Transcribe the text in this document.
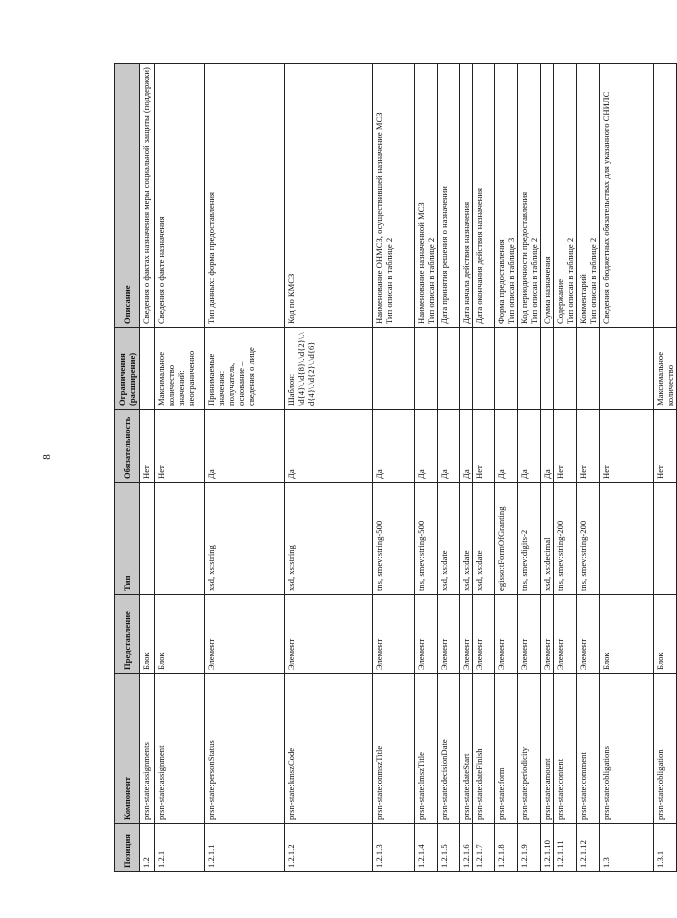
8
Позиция	Компонент	Представление	Тип	Обязательность	Ограничения (расширение)	Описание
1.2	prsn-state:assignments	Блок		Нет		Сведения о фактах назначения меры социальной защиты (поддержки)

1.2.1	prsn-state:assignment	Блок		Нет	Максимальное количество значений: неограниченно	Сведения о факте назначения

1.2.1.1	prsn-state:personStatus	Элемент	xsd, xs:string	Да	Принимаемые значения: получатель, основание – сведения о лице	Тип данных: форма предоставления

1.2.1.2	prsn-state:kmszCode	Элемент	xsd, xs:string	Да	Шаблон: \d{4}\.\d{8}\.\d{2}\.\d{4}\.\d{2}\.\d{6}	Код по КМСЗ

1.2.1.3	prsn-state:onmszTitle	Элемент	tns, smev:string-500	Да		Наименование ОНМСЗ, осуществившей назначение МСЗ Тип описан в таблице 2

1.2.1.4	prsn-state:lmszTitle	Элемент	tns, smev:string-500	Да		Наименование назначенной МСЗ Тип описан в таблице 2

1.2.1.5	prsn-state:decisionDate	Элемент	xsd, xs:date	Да		Дата принятия решения о назначении

1.2.1.6	prsn-state:dateStart	Элемент	xsd, xs:date	Да		Дата начала действия назначения

1.2.1.7	prsn-state:dateFinish	Элемент	xsd, xs:date	Нет		Дата окончания действия назначения

1.2.1.8	prsn-state:form	Элемент	egisso:tFormOfGranting	Да		Форма предоставления Тип описан в таблице 3

1.2.1.9	prsn-state:periodicity	Элемент	tns, smev:digits-2	Да		Код периодичности предоставления Тип описан в таблице 2

1.2.1.10	prsn-state:amount	Элемент	xsd, xs:decimal	Да		Сумма назначения

1.2.1.11	prsn-state:content	Элемент	tns, smev:string-200	Нет		Содержание Тип описан в таблице 2

1.2.1.12	prsn-state:comment	Элемент	tns, smev:string-200	Нет		Комментарий Тип описан в таблице 2

1.3	prsn-state:obligations	Блок		Нет		Сведения о бюджетных обязательствах для указанного СНИЛС

1.3.1	prsn-state:obligation	Блок		Нет	Максимальное количество	
